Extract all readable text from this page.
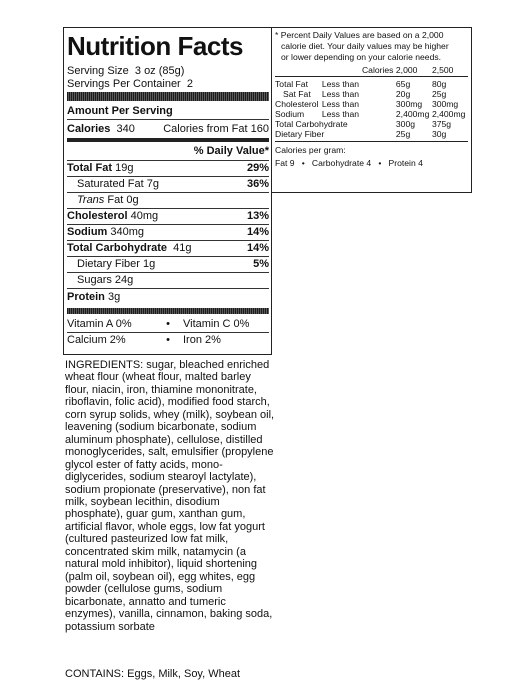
Nutrition Facts
Serving Size 3 oz (85g)
Servings Per Container 2
Amount Per Serving
Calories 340	Calories from Fat 160
% Daily Value*
Total Fat 19g	29%
Saturated Fat 7g	36%
Trans Fat 0g
Cholesterol 40mg	13%
Sodium 340mg	14%
Total Carbohydrate 41g	14%
Dietary Fiber 1g	5%
Sugars 24g
Protein 3g
Vitamin A 0%	•	Vitamin C 0%
Calcium 2%	•	Iron 2%
* Percent Daily Values are based on a 2,000
calorie diet. Your daily values may be higher
or lower depending on your calorie needs.
		Calories	2,000	2,500
Total Fat	Less than		65g	80g
Sat Fat	Less than		20g	25g
Cholesterol	Less than		300mg	300mg
Sodium	Less than		2,400mg	2,400mg
Total Carbohydrate			300g	375g
Dietary Fiber			25g	30g
Calories per gram:
Fat 9   •   Carbohydrate 4   •   Protein 4
INGREDIENTS: sugar, bleached enriched wheat flour (wheat flour, malted barley flour, niacin, iron, thiamine mononitrate, riboflavin, folic acid), modified food starch, corn syrup solids, whey (milk), soybean oil, leavening (sodium bicarbonate, sodium aluminum phosphate), cellulose, distilled monoglycerides, salt, emulsifier (propylene glycol ester of fatty acids, mono-diglycerides, sodium stearoyl lactylate), sodium propionate (preservative), non fat milk, soybean lecithin, disodium phosphate), guar gum, xanthan gum, artificial flavor, whole eggs, low fat yogurt (cultured pasteurized low fat milk, concentrated skim milk, natamycin (a natural mold inhibitor), liquid shortening (palm oil, soybean oil), egg whites, egg powder (cellulose gums, sodium bicarbonate, annatto and tumeric enzymes), vanilla, cinnamon, baking soda, potassium sorbate
CONTAINS: Eggs, Milk, Soy, Wheat
